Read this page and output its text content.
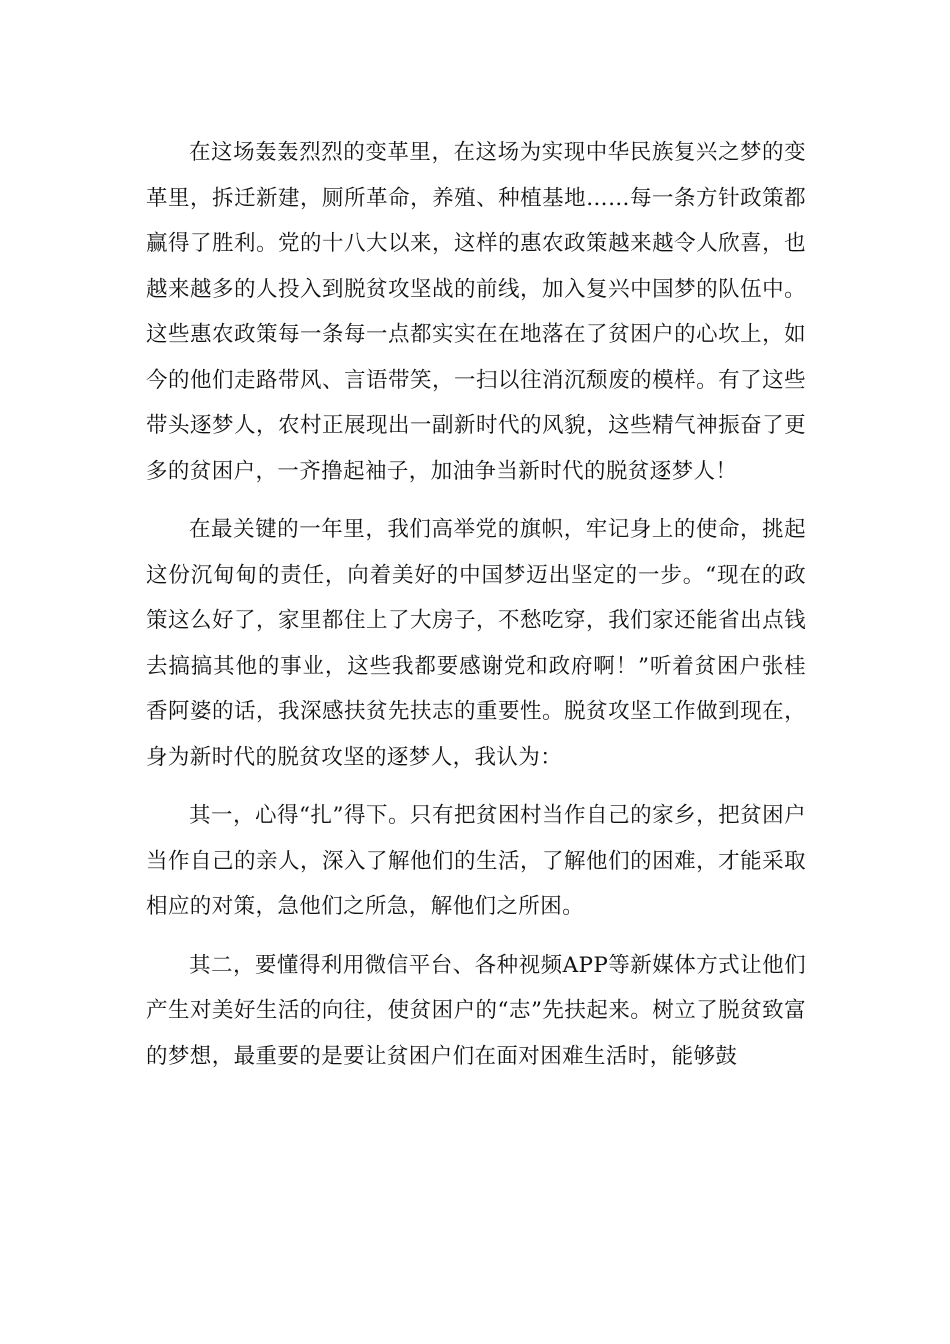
在这场轰轰烈烈的变革里，在这场为实现中华民族复兴之梦的变革里，拆迁新建，厕所革命，养殖、种植基地……每一条方针政策都赢得了胜利。党的十八大以来，这样的惠农政策越来越令人欣喜，也越来越多的人投入到脱贫攻坚战的前线，加入复兴中国梦的队伍中。这些惠农政策每一条每一点都实实在在地落在了贫困户的心坎上，如今的他们走路带风、言语带笑，一扫以往消沉颓废的模样。有了这些带头逐梦人，农村正展现出一副新时代的风貌，这些精气神振奋了更多的贫困户，一齐撸起袖子，加油争当新时代的脱贫逐梦人！

在最关键的一年里，我们高举党的旗帜，牢记身上的使命，挑起这份沉甸甸的责任，向着美好的中国梦迈出坚定的一步。“现在的政策这么好了，家里都住上了大房子，不愁吃穿，我们家还能省出点钱去搞搞其他的事业，这些我都要感谢党和政府啊！”听着贫困户张桂香阿婆的话，我深感扶贫先扶志的重要性。脱贫攻坚工作做到现在，身为新时代的脱贫攻坚的逐梦人，我认为：

其一，心得“扎”得下。只有把贫困村当作自己的家乡，把贫困户当作自己的亲人，深入了解他们的生活，了解他们的困难，才能采取相应的对策，急他们之所急，解他们之所困。

其二，要懂得利用微信平台、各种视频APP等新媒体方式让他们产生对美好生活的向往，使贫困户的“志”先扶起来。树立了脱贫致富的梦想，最重要的是要让贫困户们在面对困难生活时，能够鼓
